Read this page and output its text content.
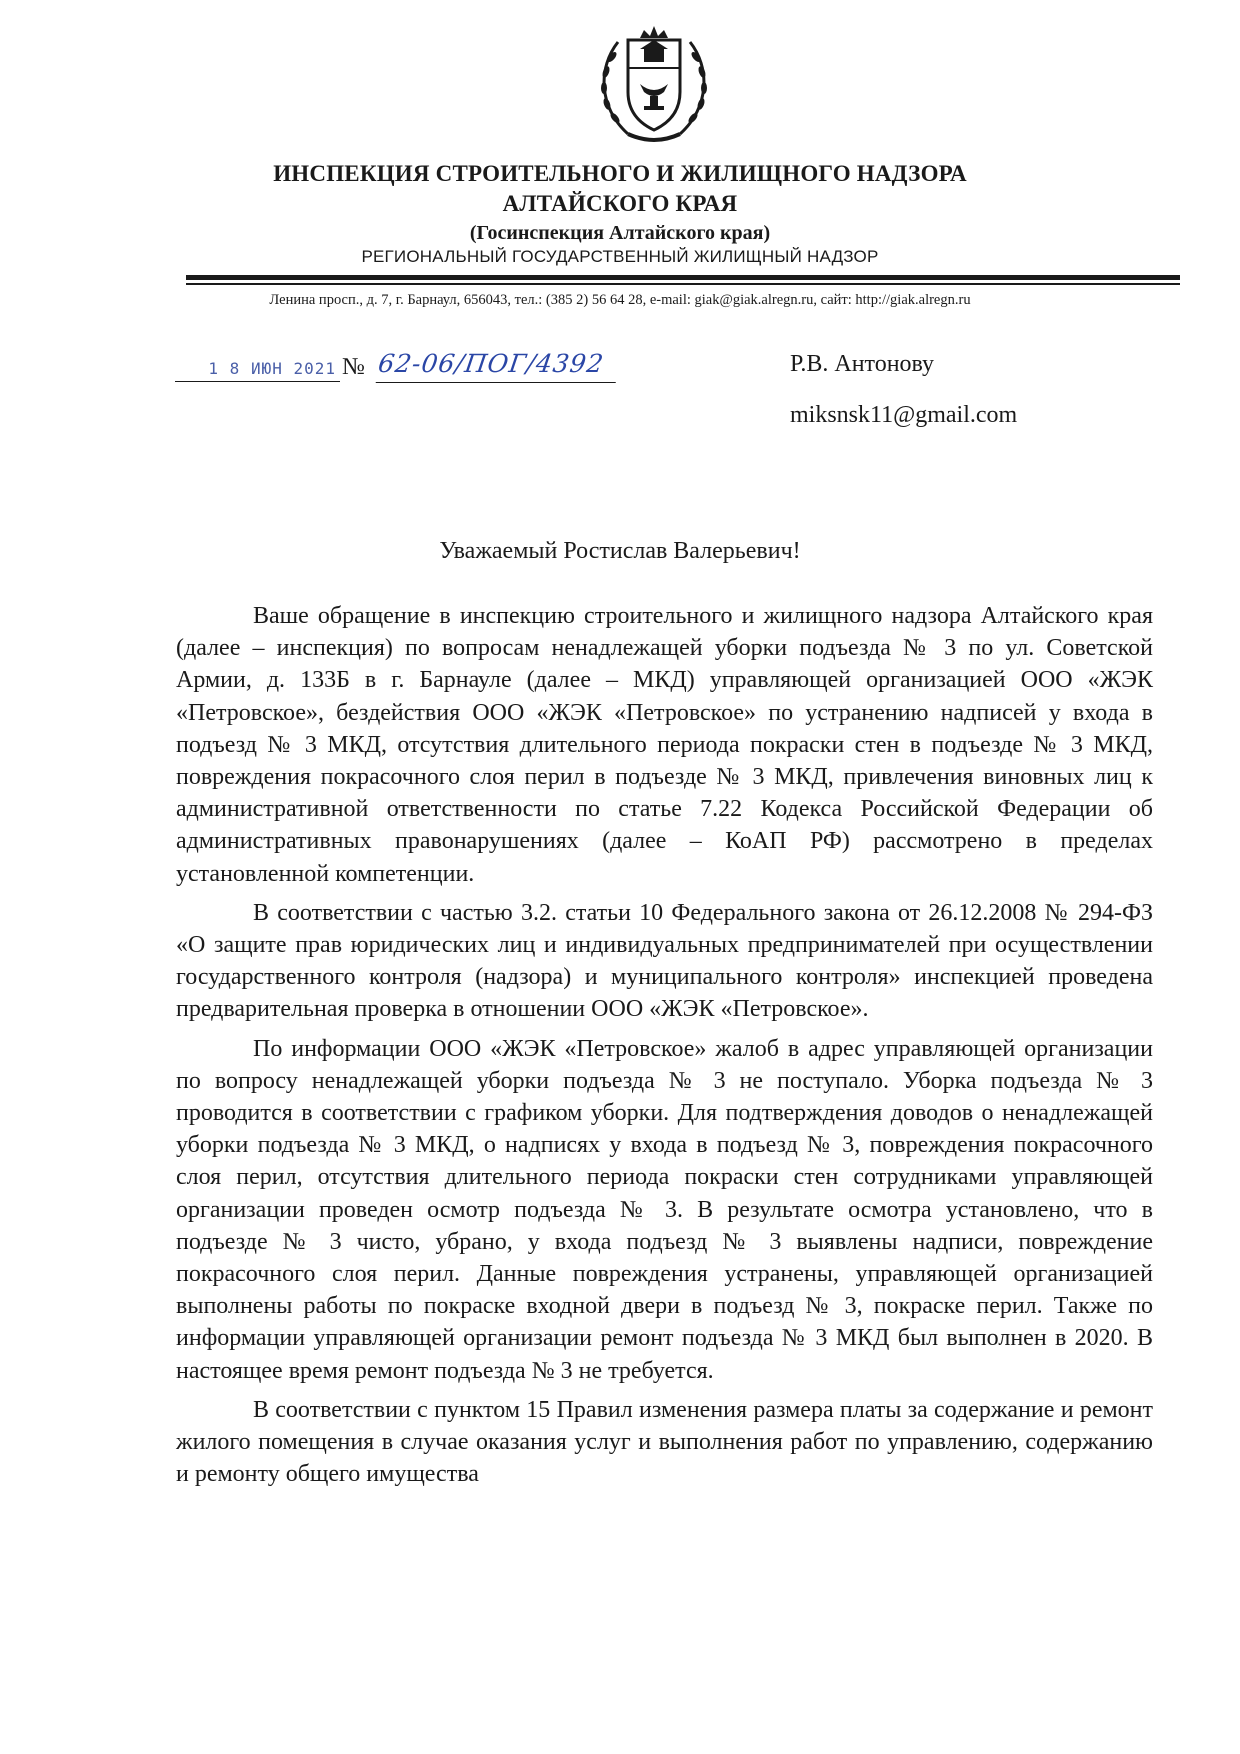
ИНСПЕКЦИЯ СТРОИТЕЛЬНОГО И ЖИЛИЩНОГО НАДЗОРА
АЛТАЙСКОГО КРАЯ
(Госинспекция Алтайского края)
РЕГИОНАЛЬНЫЙ ГОСУДАРСТВЕННЫЙ ЖИЛИЩНЫЙ НАДЗОР
Ленина просп., д. 7, г. Барнаул, 656043, тел.: (385 2) 56 64 28, e-mail: giak@giak.alregn.ru, сайт: http://giak.alregn.ru
1 8 ИЮН 2021 № 62-06/ПОГ/4392	Р.В. Антонову
miksnsk11@gmail.com
Уважаемый Ростислав Валерьевич!

Ваше обращение в инспекцию строительного и жилищного надзора Алтайского края (далее – инспекция) по вопросам ненадлежащей уборки подъезда № 3 по ул. Советской Армии, д. 133Б в г. Барнауле (далее – МКД) управляющей организацией ООО «ЖЭК «Петровское», бездействия ООО «ЖЭК «Петровское» по устранению надписей у входа в подъезд № 3 МКД, отсутствия длительного периода покраски стен в подъезде № 3 МКД, повреждения покрасочного слоя перил в подъезде № 3 МКД, привлечения виновных лиц к административной ответственности по статье 7.22 Кодекса Российской Федерации об административных правонарушениях (далее – КоАП РФ) рассмотрено в пределах установленной компетенции.

В соответствии с частью 3.2. статьи 10 Федерального закона от 26.12.2008 № 294-ФЗ «О защите прав юридических лиц и индивидуальных предпринимателей при осуществлении государственного контроля (надзора) и муниципального контроля» инспекцией проведена предварительная проверка в отношении ООО «ЖЭК «Петровское».

По информации ООО «ЖЭК «Петровское» жалоб в адрес управляющей организации по вопросу ненадлежащей уборки подъезда № 3 не поступало. Уборка подъезда № 3 проводится в соответствии с графиком уборки. Для подтверждения доводов о ненадлежащей уборки подъезда № 3 МКД, о надписях у входа в подъезд № 3, повреждения покрасочного слоя перил, отсутствия длительного периода покраски стен сотрудниками управляющей организации проведен осмотр подъезда № 3. В результате осмотра установлено, что в подъезде № 3 чисто, убрано, у входа подъезд № 3 выявлены надписи, повреждение покрасочного слоя перил. Данные повреждения устранены, управляющей организацией выполнены работы по покраске входной двери в подъезд № 3, покраске перил. Также по информации управляющей организации ремонт подъезда № 3 МКД был выполнен в 2020. В настоящее время ремонт подъезда № 3 не требуется.

В соответствии с пунктом 15 Правил изменения размера платы за содержание и ремонт жилого помещения в случае оказания услуг и выполнения работ по управлению, содержанию и ремонту общего имущества
